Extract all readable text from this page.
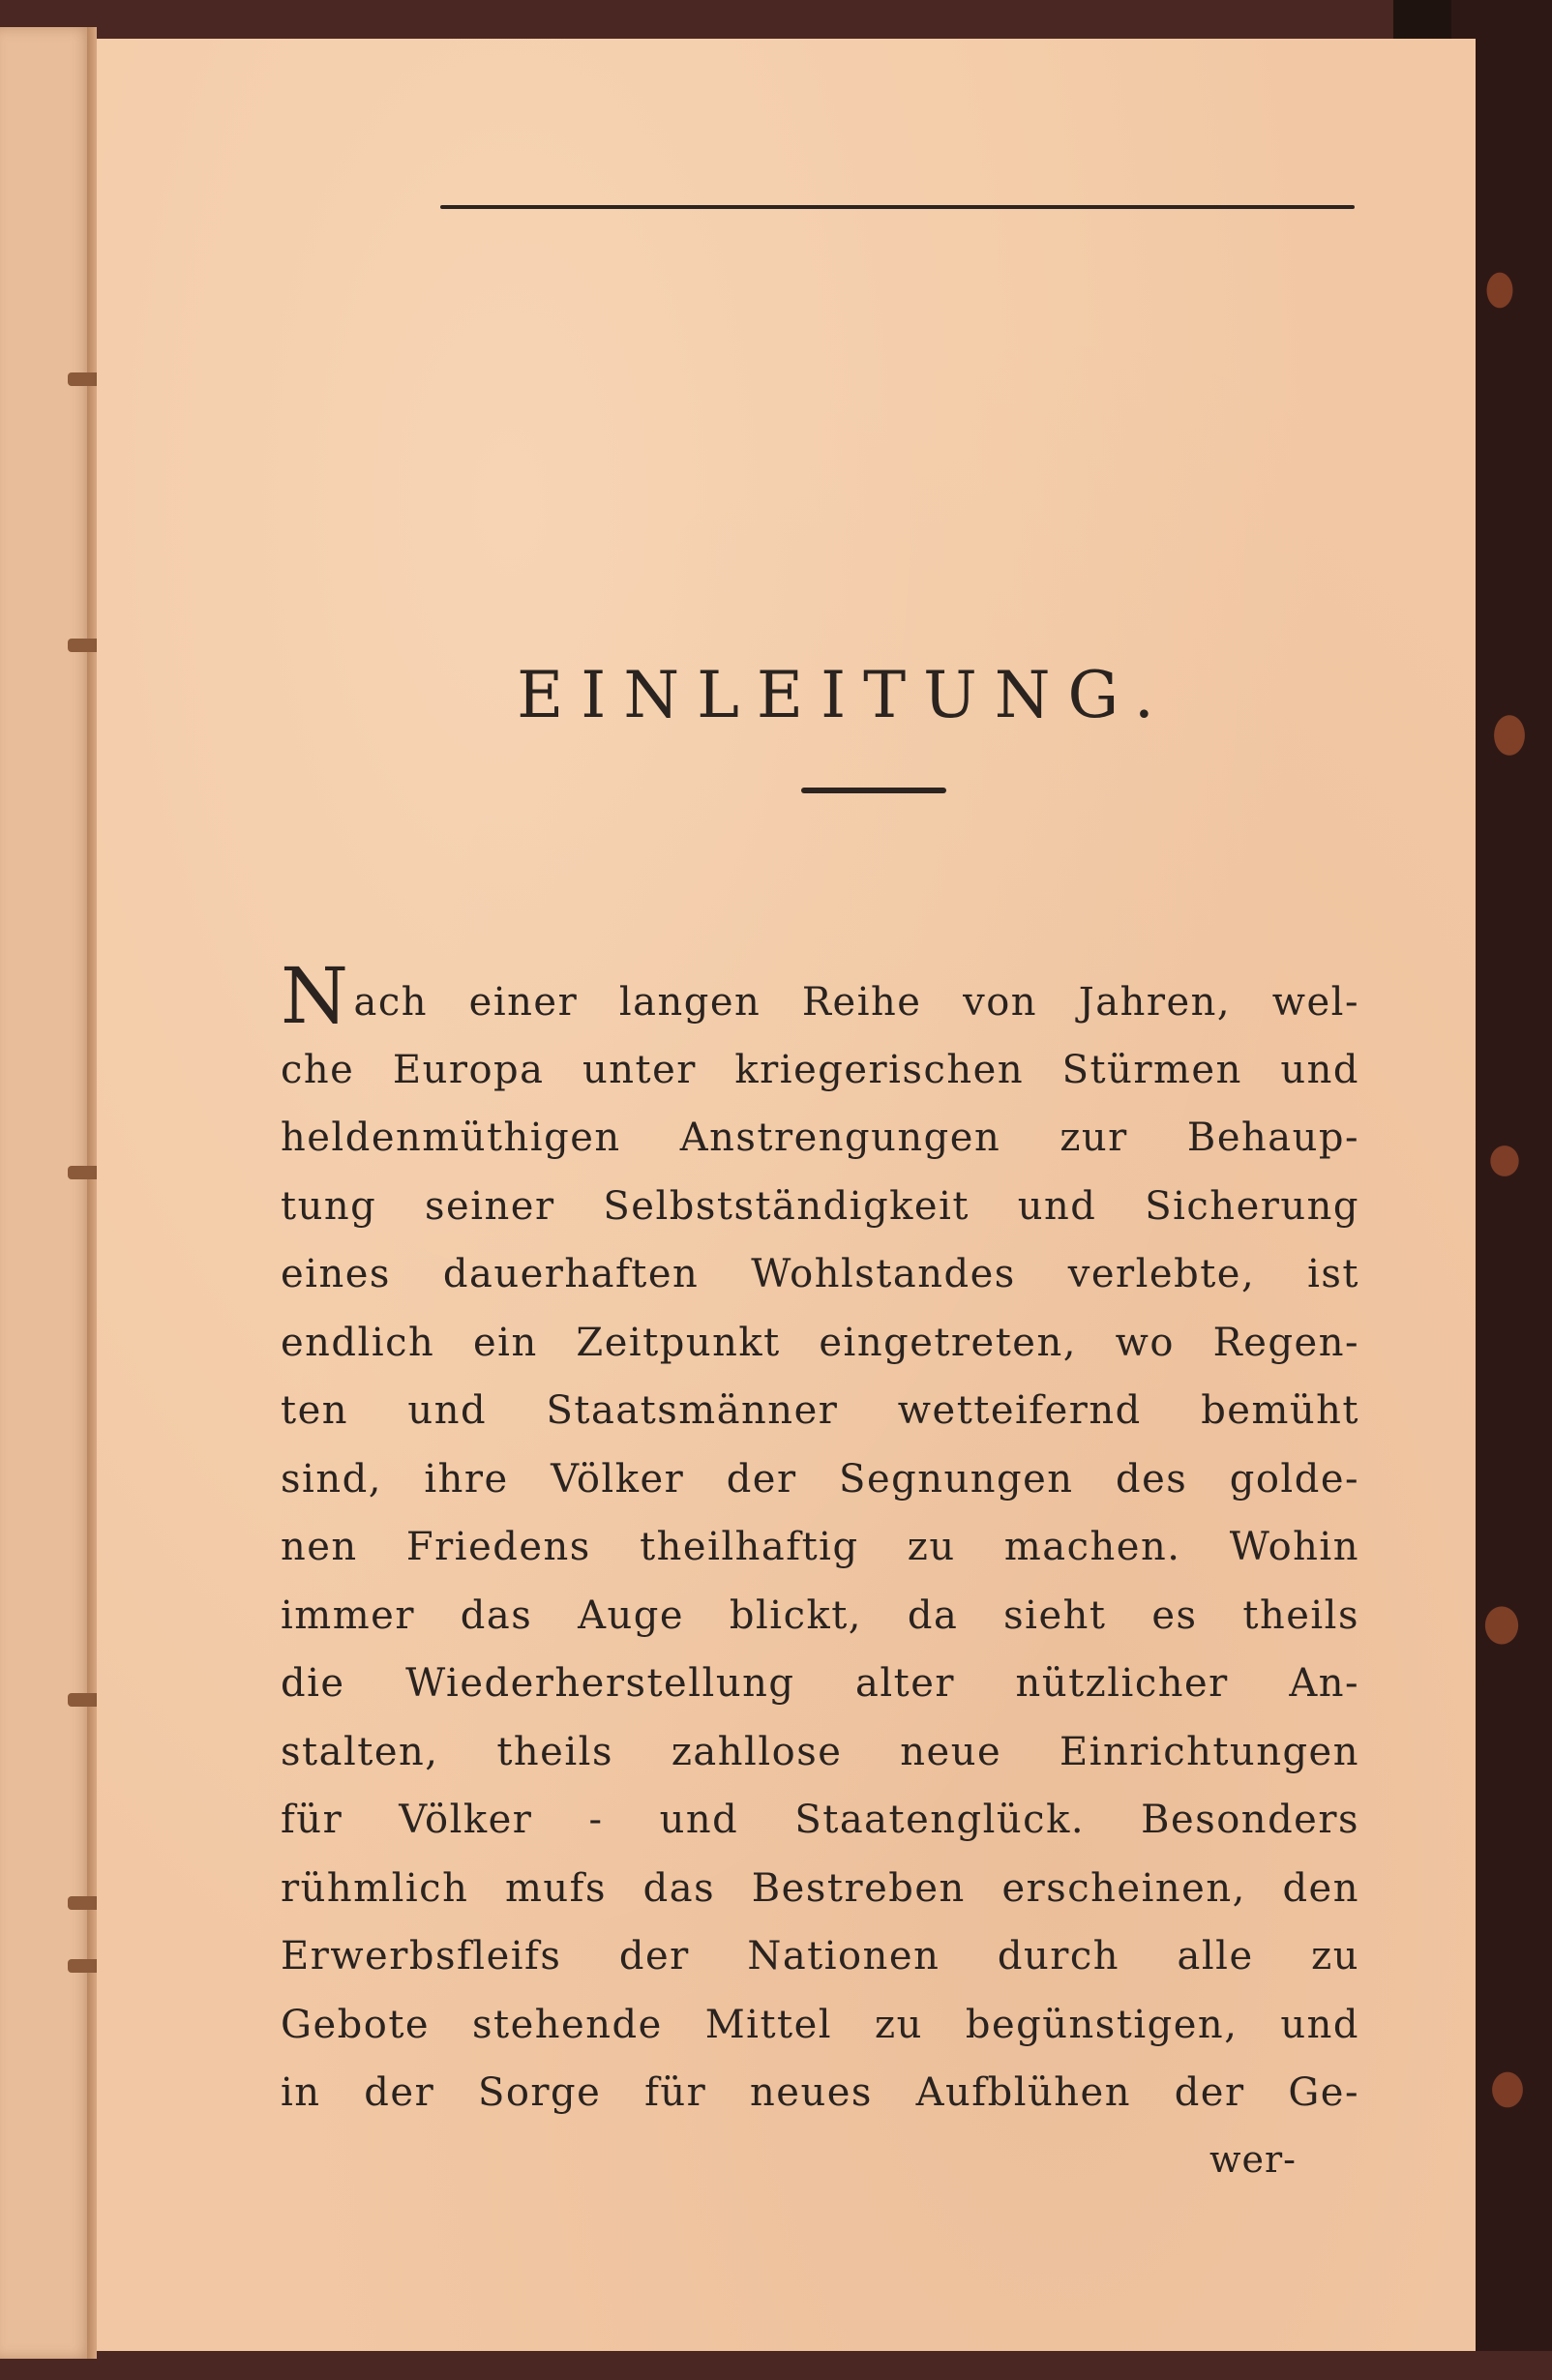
EINLEITUNG.
Nach einer langen Reihe von Jahren, wel-
che Europa unter kriegerischen Stürmen und
heldenmüthigen Anstrengungen zur Behaup-
tung seiner Selbstständigkeit und Sicherung
eines dauerhaften Wohlstandes verlebte, ist
endlich ein Zeitpunkt eingetreten, wo Regen-
ten und Staatsmänner wetteifernd bemüht
sind, ihre Völker der Segnungen des golde-
nen Friedens theilhaftig zu machen. Wohin
immer das Auge blickt, da sieht es theils
die Wiederherstellung alter nützlicher An-
stalten, theils zahllose neue Einrichtungen
für Völker - und Staatenglück. Besonders
rühmlich mufs das Bestreben erscheinen, den
Erwerbsfleifs der Nationen durch alle zu
Gebote stehende Mittel zu begünstigen, und
in der Sorge für neues Aufblühen der Ge-
wer-
